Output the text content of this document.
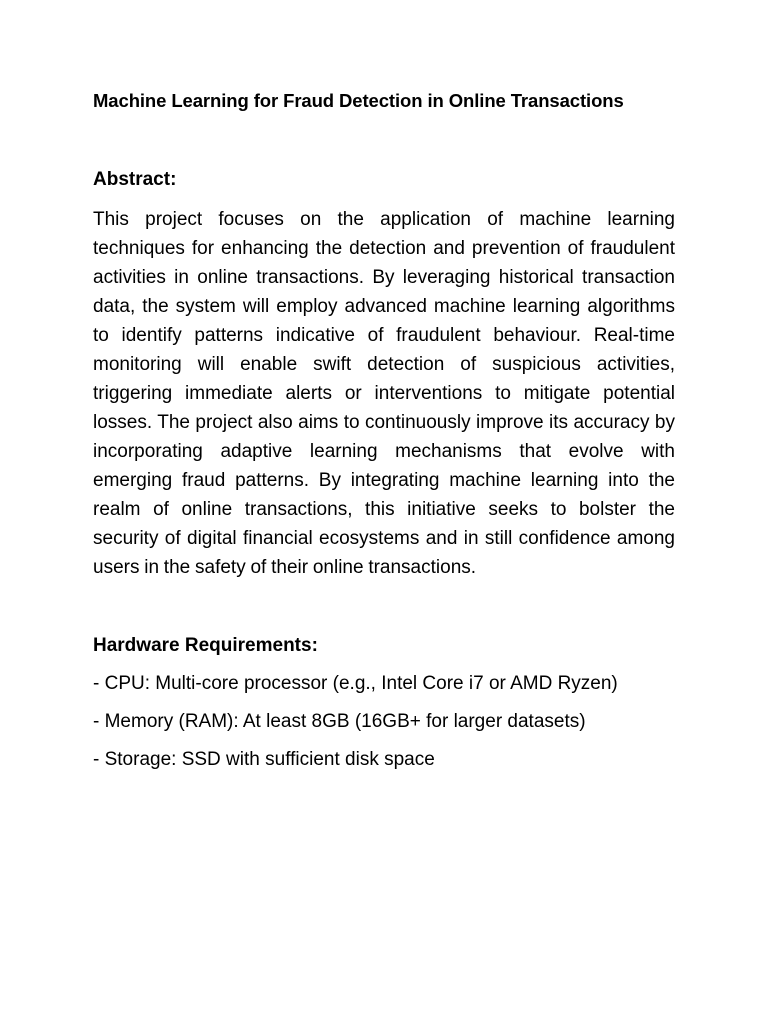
Machine Learning for Fraud Detection in Online Transactions
Abstract:

This project focuses on the application of machine learning techniques for enhancing the detection and prevention of fraudulent activities in online transactions. By leveraging historical transaction data, the system will employ advanced machine learning algorithms to identify patterns indicative of fraudulent behaviour. Real-time monitoring will enable swift detection of suspicious activities, triggering immediate alerts or interventions to mitigate potential losses. The project also aims to continuously improve its accuracy by incorporating adaptive learning mechanisms that evolve with emerging fraud patterns. By integrating machine learning into the realm of online transactions, this initiative seeks to bolster the security of digital financial ecosystems and in still confidence among users in the safety of their online transactions.

Hardware Requirements:
- CPU: Multi-core processor (e.g., Intel Core i7 or AMD Ryzen)
- Memory (RAM): At least 8GB (16GB+ for larger datasets)
- Storage: SSD with sufficient disk space
